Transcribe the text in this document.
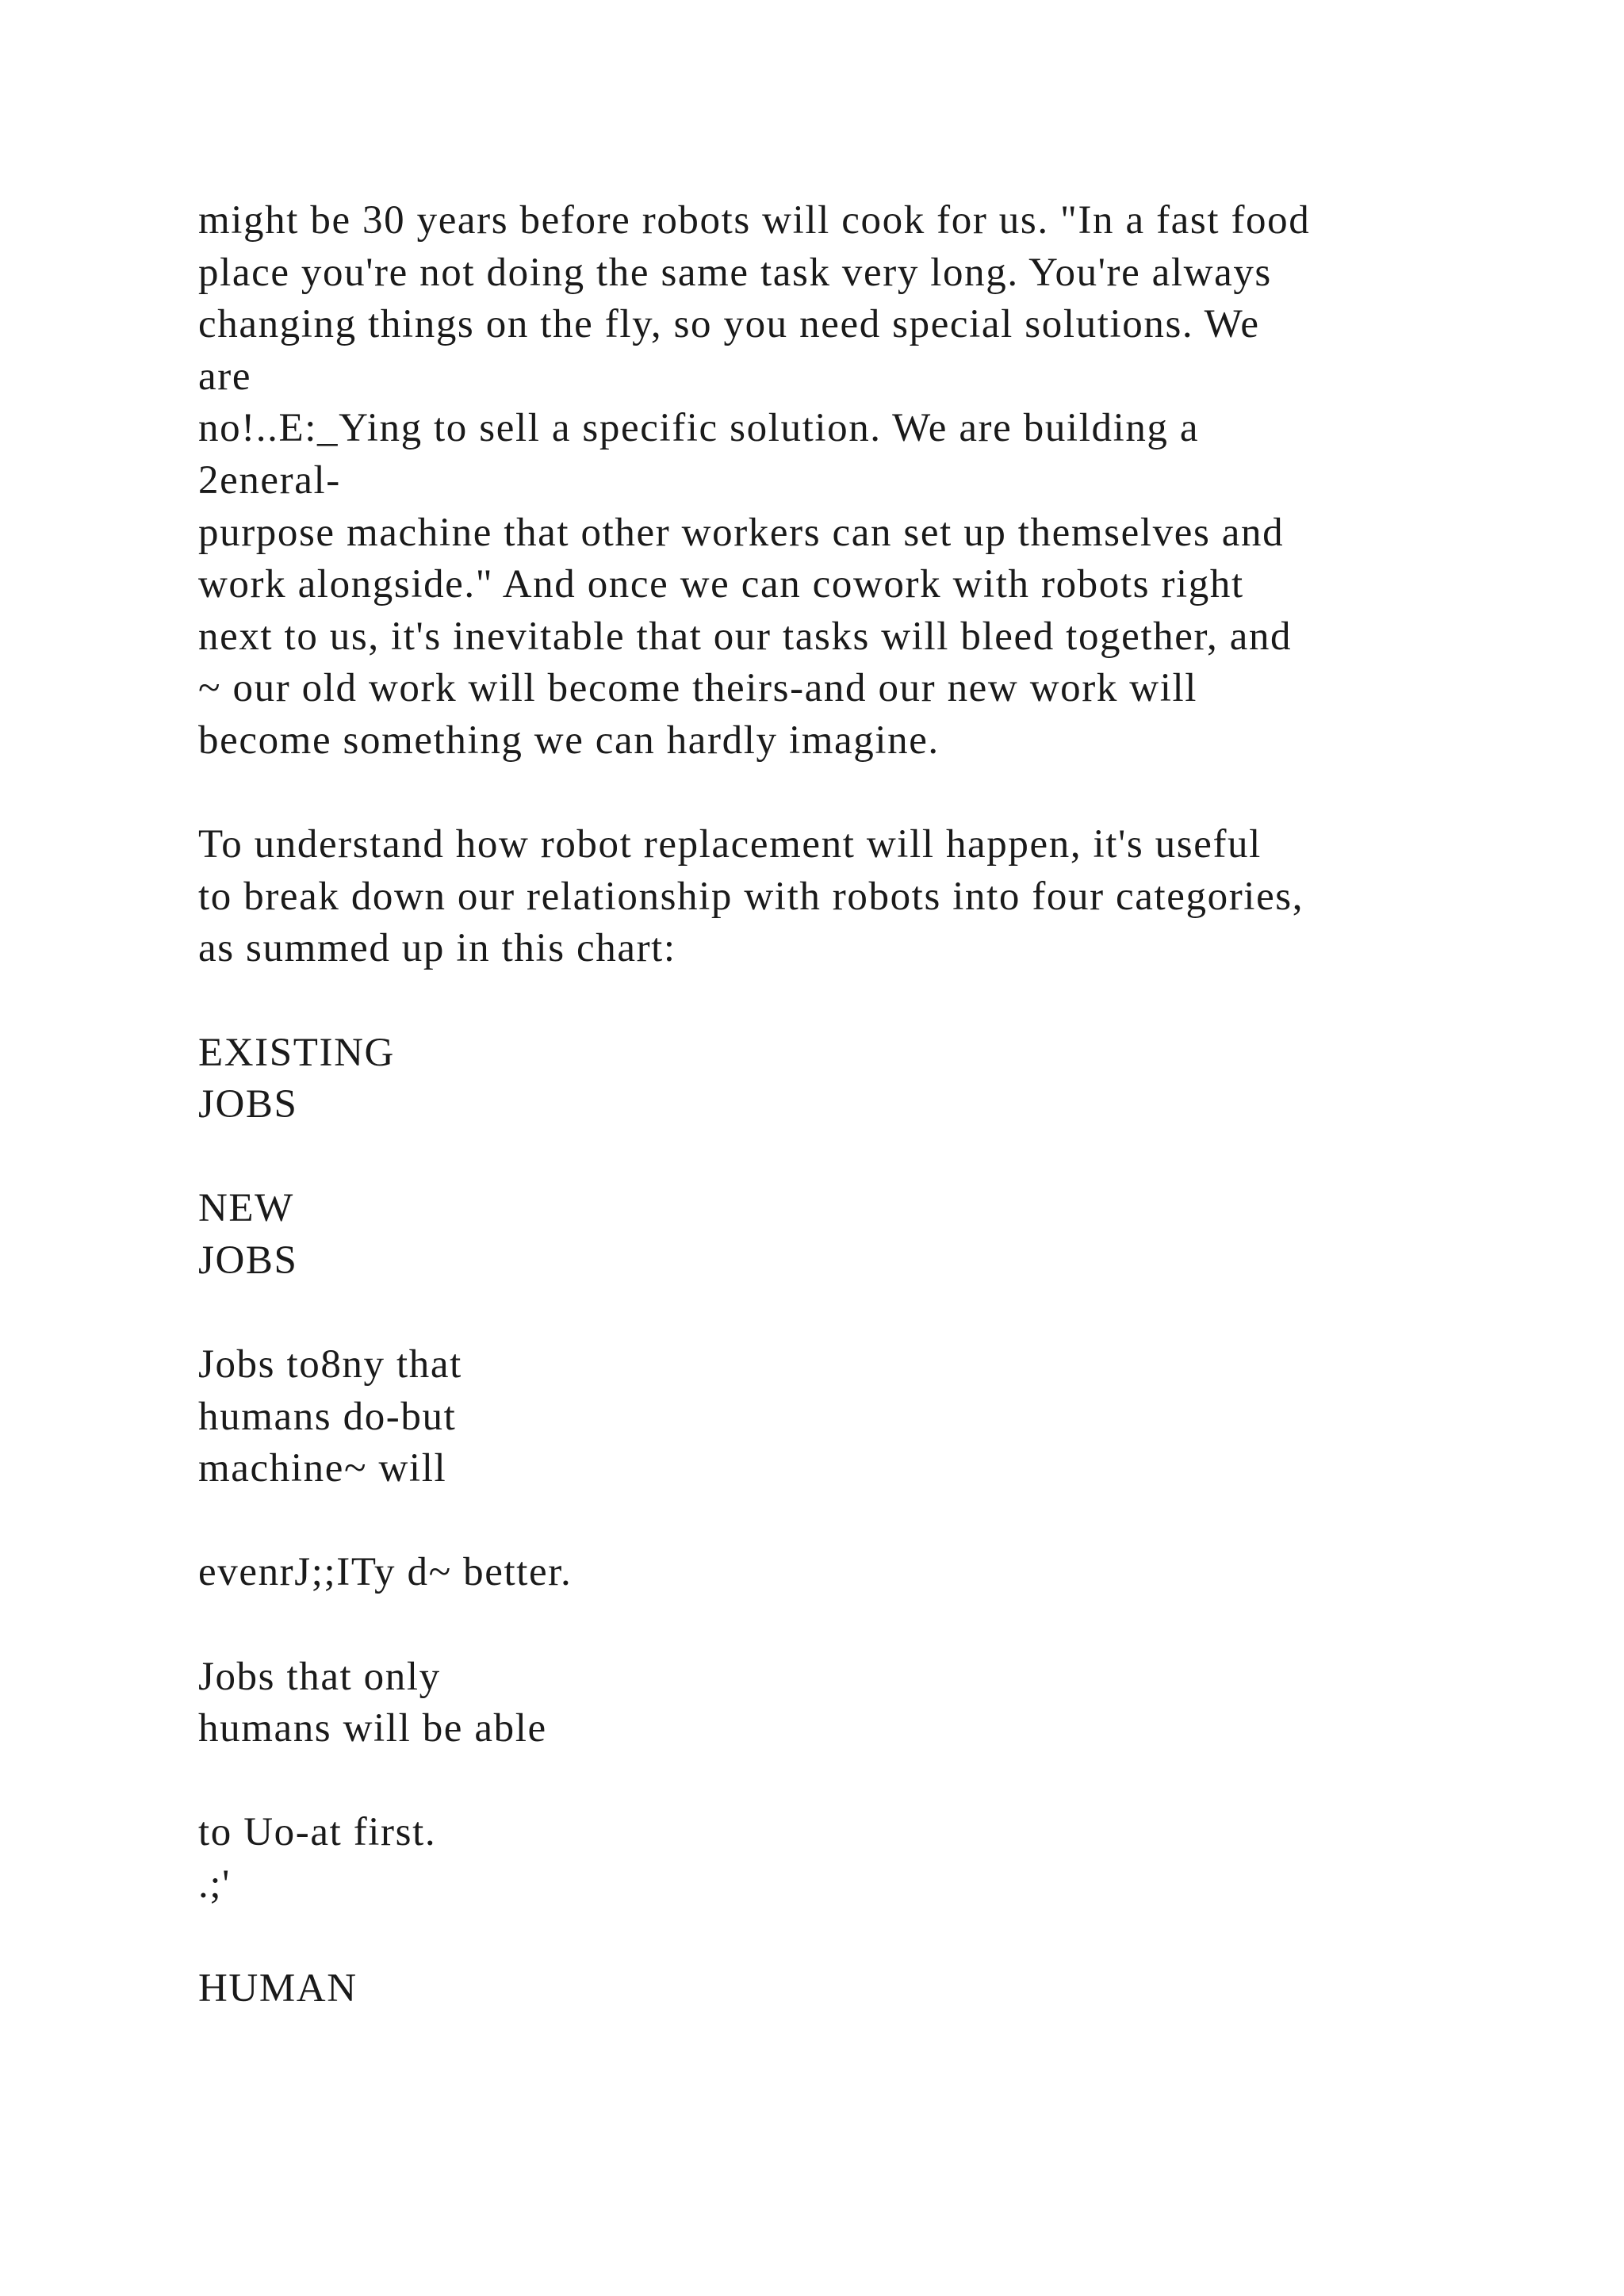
might be 30 years before robots will cook for us. "In a fast food
place you're not doing the same task very long. You're always
changing things on the fly, so you need special solutions. We
are
no!..E:_Ying to sell a specific solution. We are building a
2eneral-
purpose machine that other workers can set up themselves and
work alongside." And once we can cowork with robots right
next to us, it's inevitable that our tasks will bleed together, and
~ our old work will become theirs-and our new work will
become something we can hardly imagine.
To understand how robot replacement will happen, it's useful
to break down our relationship with robots into four categories,
as summed up in this chart:
EXISTING
JOBS
NEW
JOBS
Jobs to8ny that
humans do-but
machine~ will
evenrJ;;ITy d~ better.
Jobs that only
humans will be able
to Uo-at first.
.;'
HUMAN
